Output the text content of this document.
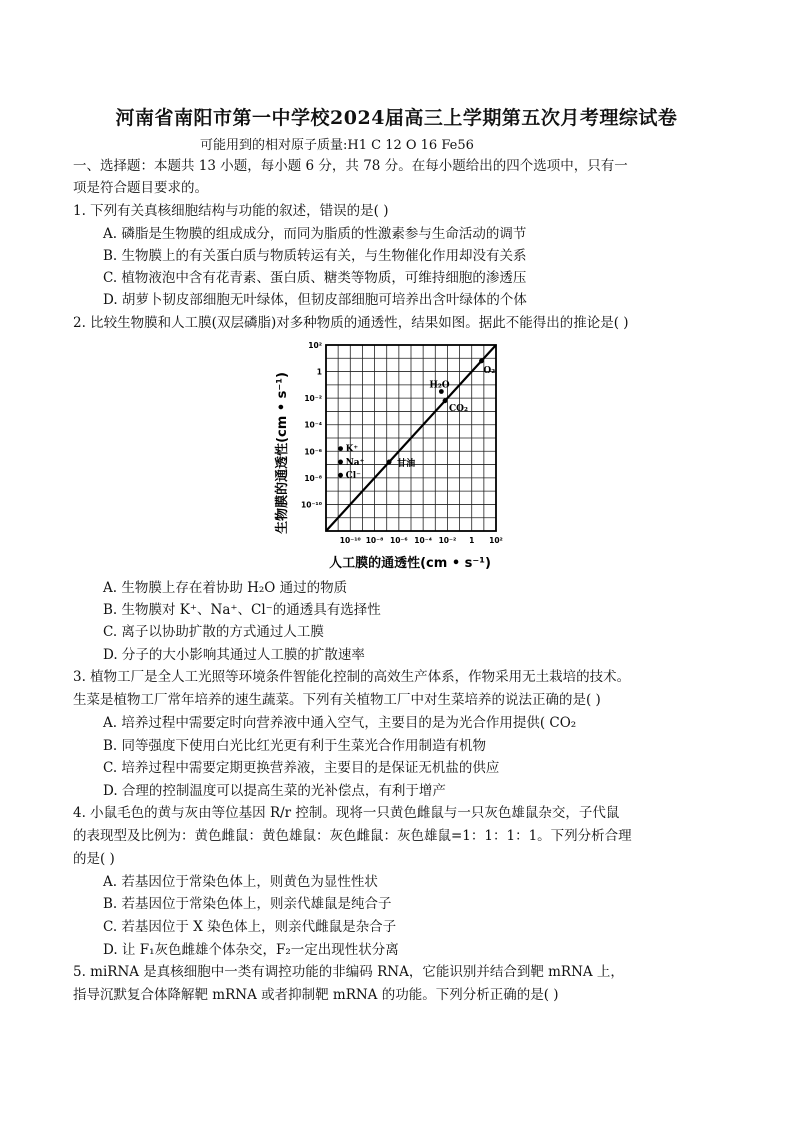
河南省南阳市第一中学校2024届高三上学期第五次月考理综试卷
可能用到的相对原子质量:H1 C 12 O 16 Fe56
一、选择题：本题共 13 小题，每小题 6 分，共 78 分。在每小题给出的四个选项中，只有一
项是符合题目要求的。
1. 下列有关真核细胞结构与功能的叙述，错误的是( )
A. 磷脂是生物膜的组成成分，而同为脂质的性激素参与生命活动的调节
B. 生物膜上的有关蛋白质与物质转运有关，与生物催化作用却没有关系
C. 植物液泡中含有花青素、蛋白质、糖类等物质，可维持细胞的渗透压
D. 胡萝卜韧皮部细胞无叶绿体，但韧皮部细胞可培养出含叶绿体的个体
2. 比较生物膜和人工膜(双层磷脂)对多种物质的通透性，结果如图。据此不能得出的推论是( )
生物膜的通透性(cm • s⁻¹)
人工膜的通透性(cm • s⁻¹)
10⁻¹⁰ 10⁻⁸ 10⁻⁶ 10⁻⁴ 10⁻² 1 10²
10²
1
10⁻²
10⁻⁴
10⁻⁶
10⁻⁸
10⁻¹⁰
O₂
H₂O
CO₂
甘油
K⁺
Na⁺
Cl⁻
A. 生物膜上存在着协助 H₂O 通过的物质
B. 生物膜对 K⁺、Na⁺、Cl⁻的通透具有选择性
C. 离子以协助扩散的方式通过人工膜
D. 分子的大小影响其通过人工膜的扩散速率
3. 植物工厂是全人工光照等环境条件智能化控制的高效生产体系，作物采用无土栽培的技术。
生菜是植物工厂常年培养的速生蔬菜。下列有关植物工厂中对生菜培养的说法正确的是( )
A. 培养过程中需要定时向营养液中通入空气，主要目的是为光合作用提供( CO₂
B. 同等强度下使用白光比红光更有利于生菜光合作用制造有机物
C. 培养过程中需要定期更换营养液，主要目的是保证无机盐的供应
D. 合理的控制温度可以提高生菜的光补偿点，有利于增产
4. 小鼠毛色的黄与灰由等位基因 R/r 控制。现将一只黄色雌鼠与一只灰色雄鼠杂交，子代鼠
的表现型及比例为：黄色雌鼠：黄色雄鼠：灰色雌鼠：灰色雄鼠=1：1：1：1。下列分析合理
的是( )
A. 若基因位于常染色体上，则黄色为显性性状
B. 若基因位于常染色体上，则亲代雄鼠是纯合子
C. 若基因位于 X 染色体上，则亲代雌鼠是杂合子
D. 让 F₁灰色雌雄个体杂交，F₂一定出现性状分离
5. miRNA 是真核细胞中一类有调控功能的非编码 RNA，它能识别并结合到靶 mRNA 上，
指导沉默复合体降解靶 mRNA 或者抑制靶 mRNA 的功能。下列分析正确的是( )
